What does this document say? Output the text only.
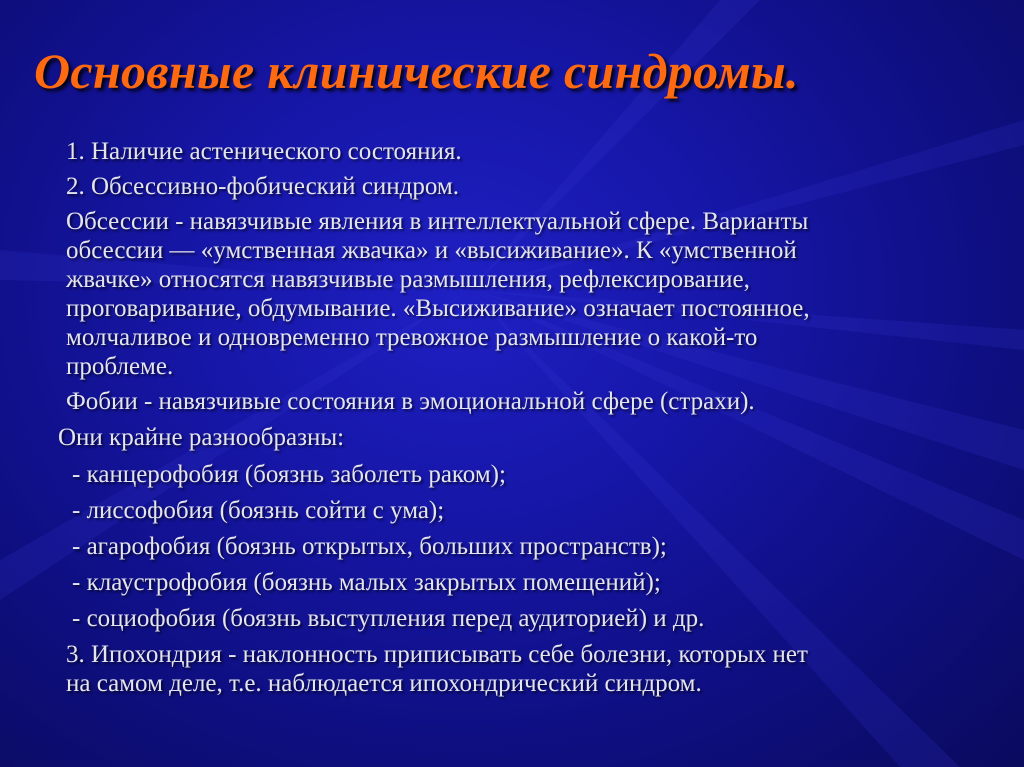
Основные клинические синдромы.
1. Наличие астенического состояния.
2. Обсессивно-фобический синдром.
Обсессии - навязчивые явления в интеллектуальной сфере. Варианты
обсессии — «умственная жвачка» и «высиживание». К «умственной
жвачке» относятся навязчивые размышления, рефлексирование,
проговаривание, обдумывание. «Высиживание» означает постоянное,
молчаливое и одновременно тревожное размышление о какой-то
проблеме.
Фобии - навязчивые состояния в эмоциональной сфере (страхи).
Они крайне разнообразны:
- канцерофобия (боязнь заболеть раком);
- лиссофобия (боязнь сойти с ума);
- агарофобия (боязнь открытых, больших пространств);
- клаустрофобия (боязнь малых закрытых помещений);
- социофобия (боязнь выступления перед аудиторией) и др.
3. Ипохондрия - наклонность приписывать себе болезни, которых нет
на самом деле, т.е. наблюдается ипохондрический синдром.
